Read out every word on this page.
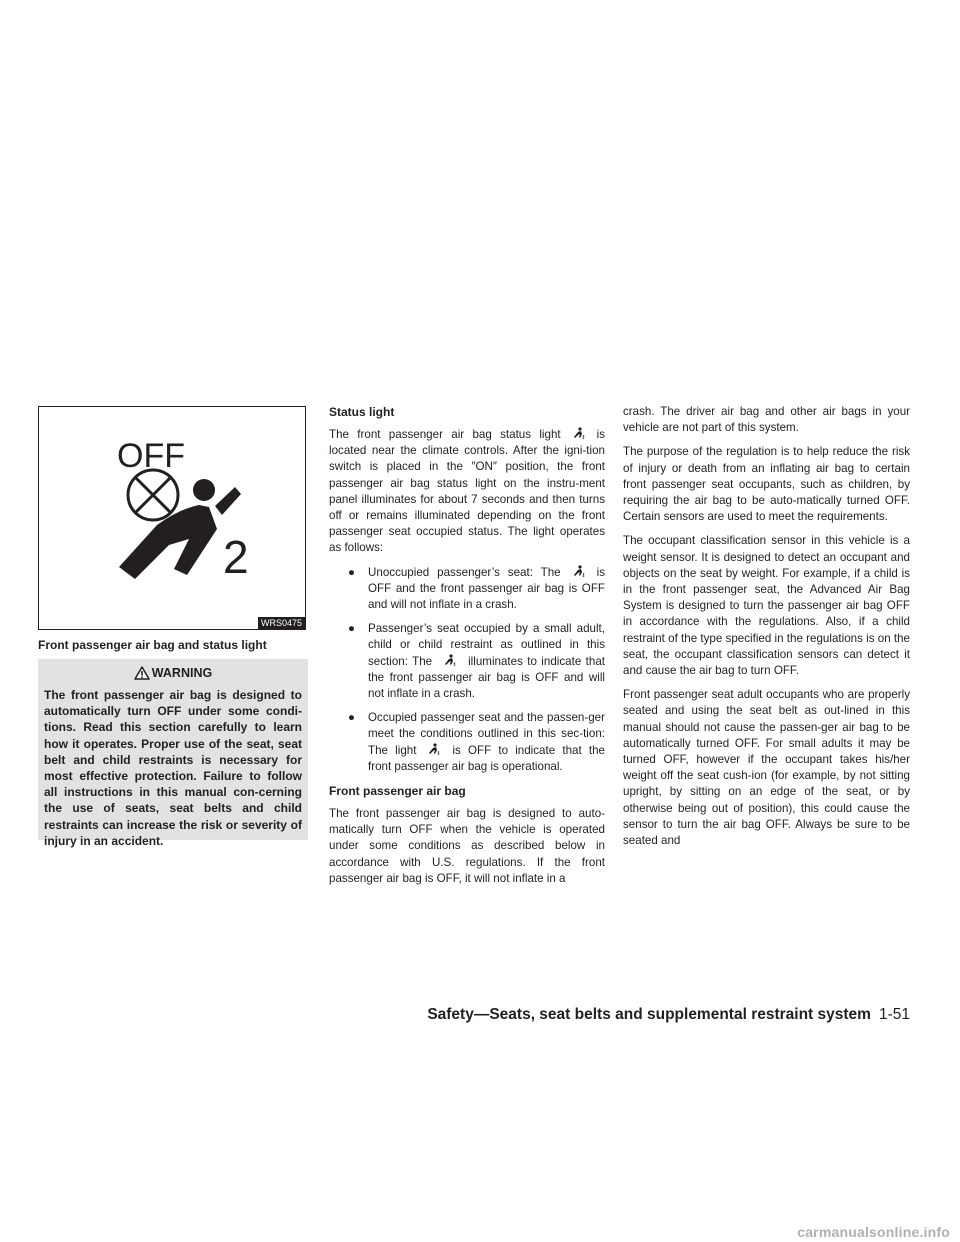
OFF
2
WRS0475
Front passenger air bag and status light
WARNING
The front passenger air bag is designed to automatically turn OFF under some condi-tions. Read this section carefully to learn how it operates. Proper use of the seat, seat belt and child restraints is necessary for most effective protection. Failure to follow all instructions in this manual con-cerning the use of seats, seat belts and child restraints can increase the risk or severity of injury in an accident.
Status light

The front passenger air bag status light	is located near the climate controls. After the igni-tion switch is placed in the ″ON″ position, the front passenger air bag status light on the instru-ment panel illuminates for about 7 seconds and then turns off or remains illuminated depending on the front passenger seat occupied status. The light operates as follows:

● Unoccupied passenger’s seat: The	is OFF and the front passenger air bag is OFF and will not inflate in a crash.
● Passenger’s seat occupied by a small adult, child or child restraint as outlined in this section: The	illuminates to indicate that the front passenger air bag is OFF and will not inflate in a crash.
● Occupied passenger seat and the passen-ger meet the conditions outlined in this sec-tion: The light	is OFF to indicate that the front passenger air bag is operational.
Front passenger air bag

The front passenger air bag is designed to auto-matically turn OFF when the vehicle is operated under some conditions as described below in accordance with U.S. regulations. If the front passenger air bag is OFF, it will not inflate in a

crash. The driver air bag and other air bags in your vehicle are not part of this system.

The purpose of the regulation is to help reduce the risk of injury or death from an inflating air bag to certain front passenger seat occupants, such as children, by requiring the air bag to be auto-matically turned OFF. Certain sensors are used to meet the requirements.

The occupant classification sensor in this vehicle is a weight sensor. It is designed to detect an occupant and objects on the seat by weight. For example, if a child is in the front passenger seat, the Advanced Air Bag System is designed to turn the passenger air bag OFF in accordance with the regulations. Also, if a child restraint of the type specified in the regulations is on the seat, the occupant classification sensors can detect it and cause the air bag to turn OFF.

Front passenger seat adult occupants who are properly seated and using the seat belt as out-lined in this manual should not cause the passen-ger air bag to be automatically turned OFF. For small adults it may be turned OFF, however if the occupant takes his/her weight off the seat cush-ion (for example, by not sitting upright, by sitting on an edge of the seat, or by otherwise being out of position), this could cause the sensor to turn the air bag OFF. Always be sure to be seated and

Safety—Seats, seat belts and supplemental restraint system 1-51
carmanualsonline.info
